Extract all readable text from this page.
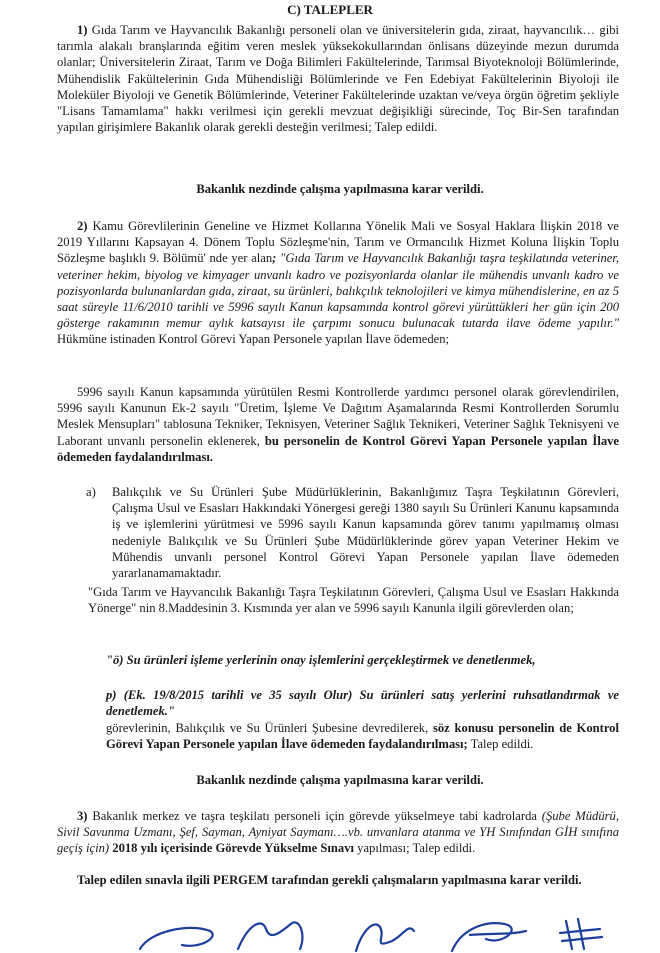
C) TALEPLER
1) Gıda Tarım ve Hayvancılık Bakanlığı personeli olan ve üniversitelerin gıda, ziraat, hayvancılık… gibi tarımla alakalı branşlarında eğitim veren meslek yüksekokullarından önlisans düzeyinde mezun durumda olanlar; Üniversitelerin Ziraat, Tarım ve Doğa Bilimleri Fakültelerinde, Tarımsal Biyoteknoloji Bölümlerinde, Mühendislik Fakültelerinin Gıda Mühendisliği Bölümlerinde ve Fen Edebiyat Fakültelerinin Biyoloji ile Moleküler Biyoloji ve Genetik Bölümlerinde, Veteriner Fakültelerinde uzaktan ve/veya örgün öğretim şekliyle "Lisans Tamamlama" hakkı verilmesi için gerekli mevzuat değişikliği sürecinde, Toç Bir-Sen tarafından yapılan girişimlere Bakanlık olarak gerekli desteğin verilmesi; Talep edildi.
Bakanlık nezdinde çalışma yapılmasına karar verildi.
2) Kamu Görevlilerinin Geneline ve Hizmet Kollarına Yönelik Mali ve Sosyal Haklara İlişkin 2018 ve 2019 Yıllarını Kapsayan 4. Dönem Toplu Sözleşme'nin, Tarım ve Ormancılık Hizmet Koluna İlişkin Toplu Sözleşme başlıklı 9. Bölümü' nde yer alan; "Gıda Tarım ve Hayvancılık Bakanlığı taşra teşkilatında veteriner, veteriner hekim, biyolog ve kimyager unvanlı kadro ve pozisyonlarda olanlar ile mühendis unvanlı kadro ve pozisyonlarda bulunanlardan gıda, ziraat, su ürünleri, balıkçılık teknolojileri ve kimya mühendislerine, en az 5 saat süreyle 11/6/2010 tarihli ve 5996 sayılı Kanun kapsamında kontrol görevi yürüttükleri her gün için 200 gösterge rakamının memur aylık katsayısı ile çarpımı sonucu bulunacak tutarda ilave ödeme yapılır." Hükmüne istinaden Kontrol Görevi Yapan Personele yapılan İlave ödemeden;
5996 sayılı Kanun kapsamında yürütülen Resmi Kontrollerde yardımcı personel olarak görevlendirilen, 5996 sayılı Kanunun Ek-2 sayılı "Üretim, İşleme Ve Dağıtım Aşamalarında Resmi Kontrollerden Sorumlu Meslek Mensupları" tablosuna Tekniker, Teknisyen, Veteriner Sağlık Teknikeri, Veteriner Sağlık Teknisyeni ve Laborant unvanlı personelin eklenerek, bu personelin de Kontrol Görevi Yapan Personele yapılan İlave ödemeden faydalandırılması.
a)	Balıkçılık ve Su Ürünleri Şube Müdürlüklerinin, Bakanlığımız Taşra Teşkilatının Görevleri, Çalışma Usul ve Esasları Hakkındaki Yönergesi gereği 1380 sayılı Su Ürünleri Kanunu kapsamında iş ve işlemlerini yürütmesi ve 5996 sayılı Kanun kapsamında görev tanımı yapılmamış olması nedeniyle Balıkçılık ve Su Ürünleri Şube Müdürlüklerinde görev yapan Veteriner Hekim ve Mühendis unvanlı personel Kontrol Görevi Yapan Personele yapılan İlave ödemeden yararlanamamaktadır.
"Gıda Tarım ve Hayvancılık Bakanlığı Taşra Teşkilatının Görevleri, Çalışma Usul ve Esasları Hakkında Yönerge" nin 8.Maddesinin 3. Kısmında yer alan ve 5996 sayılı Kanunla ilgili görevlerden olan;
"ö) Su ürünleri işleme yerlerinin onay işlemlerini gerçekleştirmek ve denetlenmek,
p) (Ek. 19/8/2015 tarihli ve 35 sayılı Olur) Su ürünleri satış yerlerini ruhsatlandırmak ve denetlemek."
görevlerinin, Balıkçılık ve Su Ürünleri Şubesine devredilerek, söz konusu personelin de Kontrol Görevi Yapan Personele yapılan İlave ödemeden faydalandırılması; Talep edildi.
Bakanlık nezdinde çalışma yapılmasına karar verildi.
3) Bakanlık merkez ve taşra teşkilatı personeli için görevde yükselmeye tabi kadrolarda (Şube Müdürü, Sivil Savunma Uzmanı, Şef, Sayman, Ayniyat Saymanı….vb. unvanlara atanma ve YH Sınıfından GİH sınıfına geçiş için) 2018 yılı içerisinde Görevde Yükselme Sınavı yapılması; Talep edildi.
Talep edilen sınavla ilgili PERGEM tarafından gerekli çalışmaların yapılmasına karar verildi.
